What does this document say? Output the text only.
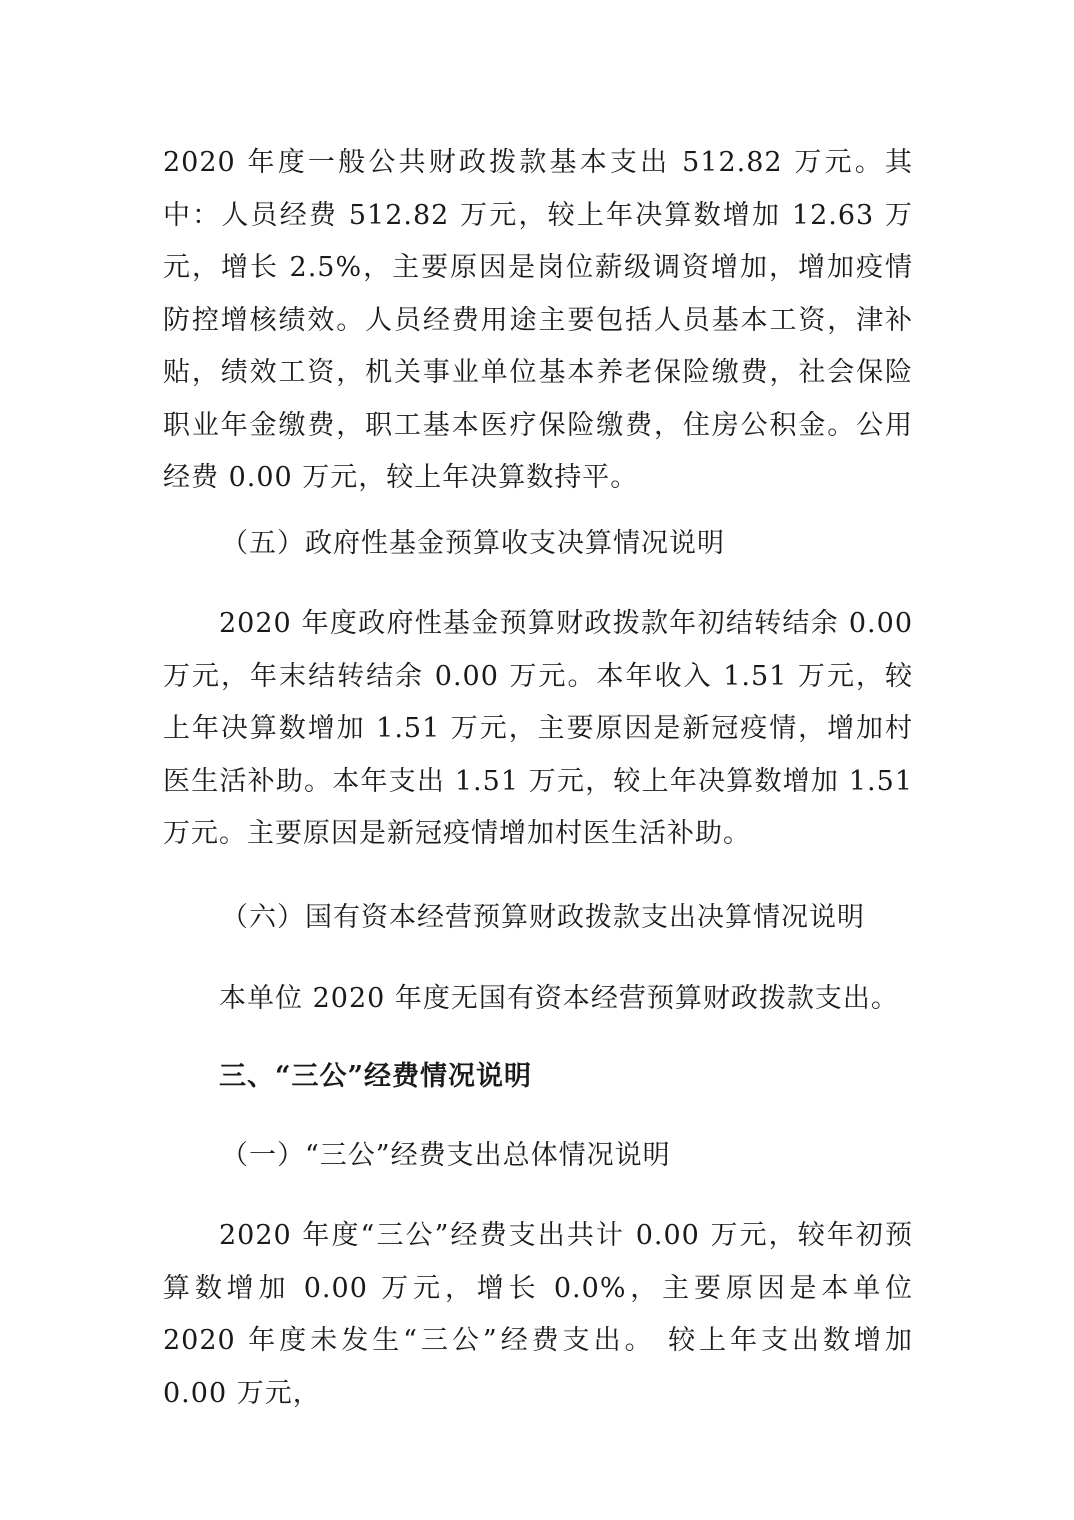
2020 年度一般公共财政拨款基本支出 512.82 万元。其中：人员经费 512.82 万元，较上年决算数增加 12.63 万元，增长 2.5%，主要原因是岗位薪级调资增加，增加疫情防控增核绩效。人员经费用途主要包括人员基本工资，津补贴，绩效工资，机关事业单位基本养老保险缴费，社会保险职业年金缴费，职工基本医疗保险缴费，住房公积金。公用经费 0.00 万元，较上年决算数持平。

（五）政府性基金预算收支决算情况说明

2020 年度政府性基金预算财政拨款年初结转结余 0.00 万元，年末结转结余 0.00 万元。本年收入 1.51 万元，较上年决算数增加 1.51 万元，主要原因是新冠疫情，增加村医生活补助。本年支出 1.51 万元，较上年决算数增加 1.51 万元。主要原因是新冠疫情增加村医生活补助。

（六）国有资本经营预算财政拨款支出决算情况说明

本单位 2020 年度无国有资本经营预算财政拨款支出。

三、“三公”经费情况说明
（一）“三公”经费支出总体情况说明

2020 年度“三公”经费支出共计 0.00 万元，较年初预算数增加 0.00 万元，增长 0.0%，主要原因是本单位 2020 年度未发生“三公”经费支出。 较上年支出数增加 0.00 万元，
